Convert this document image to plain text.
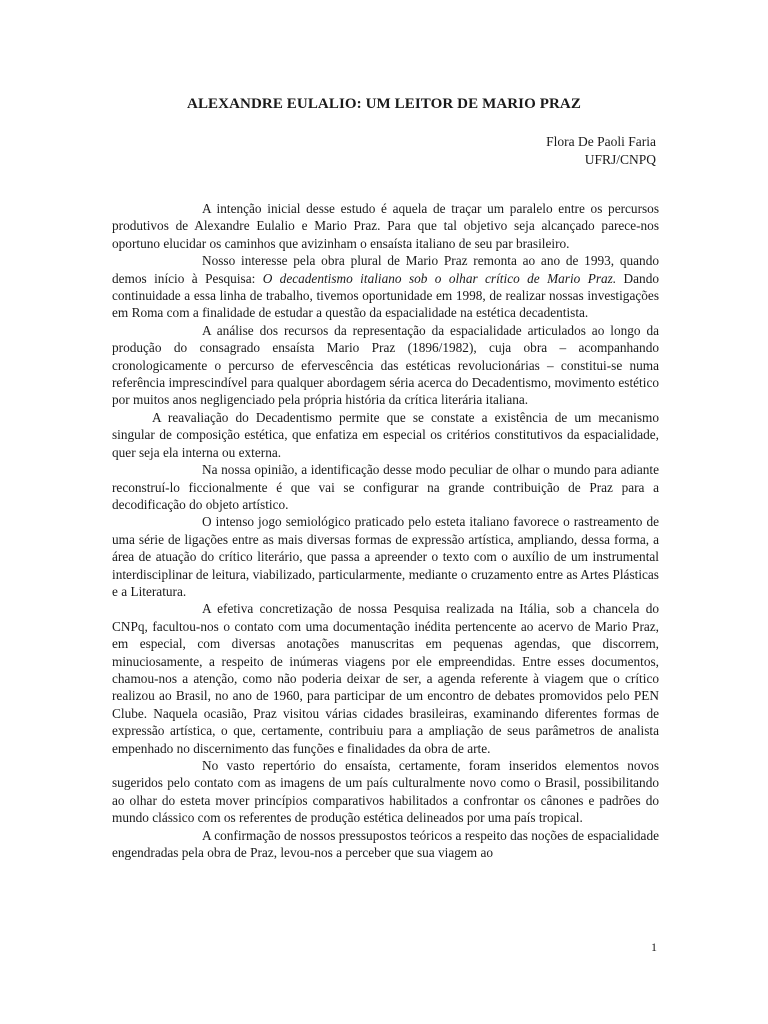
ALEXANDRE EULALIO: UM LEITOR DE MARIO PRAZ
Flora De Paoli Faria
UFRJ/CNPQ

A intenção inicial desse estudo é aquela de traçar um paralelo entre os percursos produtivos de Alexandre Eulalio e Mario Praz. Para que tal objetivo seja alcançado parece-nos oportuno elucidar os caminhos que avizinham o ensaísta italiano de seu par brasileiro.

Nosso interesse pela obra plural de Mario Praz remonta ao ano de 1993, quando demos início à Pesquisa: O decadentismo italiano sob o olhar crítico de Mario Praz. Dando continuidade a essa linha de trabalho, tivemos oportunidade em 1998, de realizar nossas investigações em Roma com a finalidade de estudar a questão da espacialidade na estética decadentista.

A análise dos recursos da representação da espacialidade articulados ao longo da produção do consagrado ensaísta Mario Praz (1896/1982), cuja obra – acompanhando cronologicamente o percurso de efervescência das estéticas revolucionárias – constitui-se numa referência imprescindível para qualquer abordagem séria acerca do Decadentismo, movimento estético por muitos anos negligenciado pela própria história da crítica literária italiana.

A reavaliação do Decadentismo permite que se constate a existência de um mecanismo singular de composição estética, que enfatiza em especial os critérios constitutivos da espacialidade, quer seja ela interna ou externa.

Na nossa opinião, a identificação desse modo peculiar de olhar o mundo para adiante reconstruí-lo ficcionalmente é que vai se configurar na grande contribuição de Praz para a decodificação do objeto artístico.

O intenso jogo semiológico praticado pelo esteta italiano favorece o rastreamento de uma série de ligações entre as mais diversas formas de expressão artística, ampliando, dessa forma, a área de atuação do crítico literário, que passa a apreender o texto com o auxílio de um instrumental interdisciplinar de leitura, viabilizado, particularmente, mediante o cruzamento entre as Artes Plásticas e a Literatura.

A efetiva concretização de nossa Pesquisa realizada na Itália, sob a chancela do CNPq, facultou-nos o contato com uma documentação inédita pertencente ao acervo de Mario Praz, em especial, com diversas anotações manuscritas em pequenas agendas, que discorrem, minuciosamente, a respeito de inúmeras viagens por ele empreendidas. Entre esses documentos, chamou-nos a atenção, como não poderia deixar de ser, a agenda referente à viagem que o crítico realizou ao Brasil, no ano de 1960, para participar de um encontro de debates promovidos pelo PEN Clube. Naquela ocasião, Praz visitou várias cidades brasileiras, examinando diferentes formas de expressão artística, o que, certamente, contribuiu para a ampliação de seus parâmetros de analista empenhado no discernimento das funções e finalidades da obra de arte.

No vasto repertório do ensaísta, certamente, foram inseridos elementos novos sugeridos pelo contato com as imagens de um país culturalmente novo como o Brasil, possibilitando ao olhar do esteta mover princípios comparativos habilitados a confrontar os cânones e padrões do mundo clássico com os referentes de produção estética delineados por uma país tropical.

A confirmação de nossos pressupostos teóricos a respeito das noções de espacialidade engendradas pela obra de Praz, levou-nos a perceber que sua viagem ao

1
